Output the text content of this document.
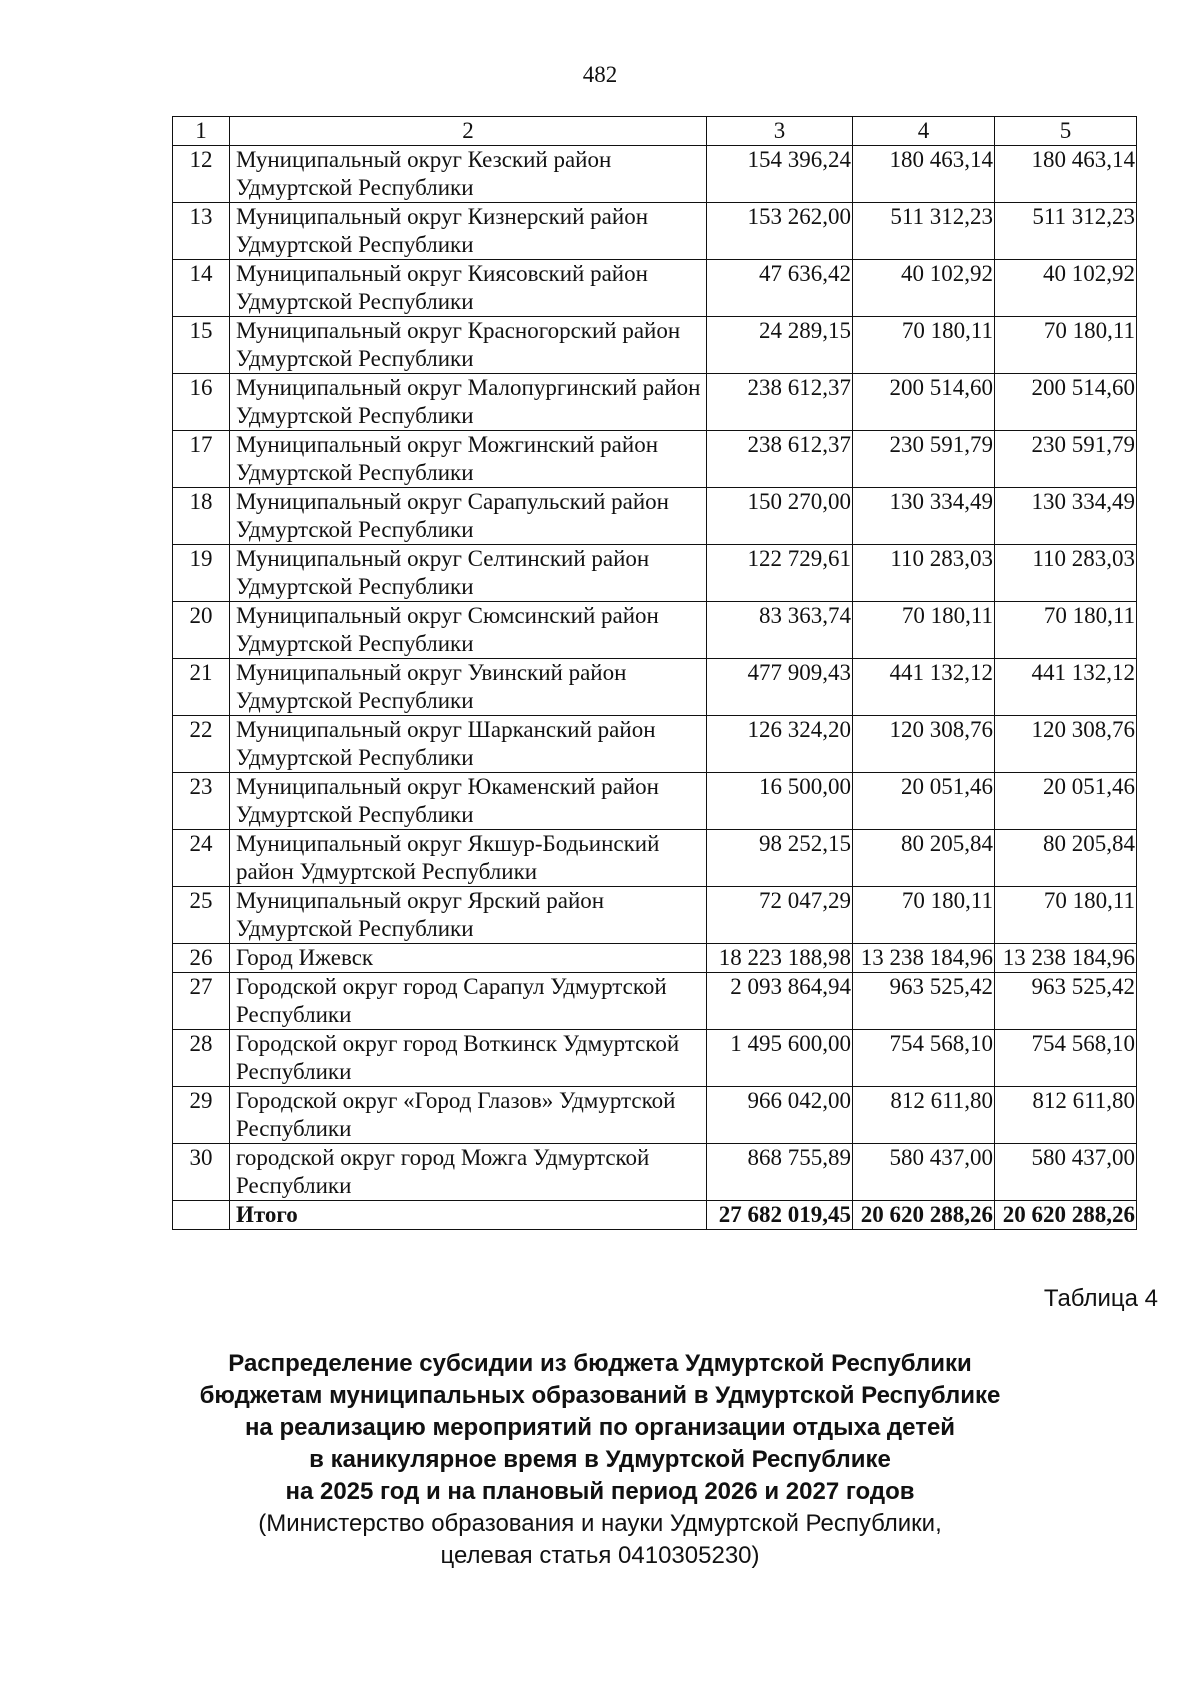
482
1	2	3	4	5
12	Муниципальный округ Кезский район Удмуртской Республики	154 396,24	180 463,14	180 463,14
13	Муниципальный округ Кизнерский район Удмуртской Республики	153 262,00	511 312,23	511 312,23
14	Муниципальный округ Киясовский район Удмуртской Республики	47 636,42	40 102,92	40 102,92
15	Муниципальный округ Красногорский район Удмуртской Республики	24 289,15	70 180,11	70 180,11
16	Муниципальный округ Малопургинский район Удмуртской Республики	238 612,37	200 514,60	200 514,60
17	Муниципальный округ Можгинский район Удмуртской Республики	238 612,37	230 591,79	230 591,79
18	Муниципальный округ Сарапульский район Удмуртской Республики	150 270,00	130 334,49	130 334,49
19	Муниципальный округ Селтинский район Удмуртской Республики	122 729,61	110 283,03	110 283,03
20	Муниципальный округ Сюмсинский район Удмуртской Республики	83 363,74	70 180,11	70 180,11
21	Муниципальный округ Увинский район Удмуртской Республики	477 909,43	441 132,12	441 132,12
22	Муниципальный округ Шарканский район Удмуртской Республики	126 324,20	120 308,76	120 308,76
23	Муниципальный округ Юкаменский район Удмуртской Республики	16 500,00	20 051,46	20 051,46
24	Муниципальный округ Якшур-Бодьинский район Удмуртской Республики	98 252,15	80 205,84	80 205,84
25	Муниципальный округ Ярский район Удмуртской Республики	72 047,29	70 180,11	70 180,11
26	Город Ижевск	18 223 188,98	13 238 184,96	13 238 184,96
27	Городской округ город Сарапул Удмуртской Республики	2 093 864,94	963 525,42	963 525,42
28	Городской округ город Воткинск Удмуртской Республики	1 495 600,00	754 568,10	754 568,10
29	Городской округ «Город Глазов» Удмуртской Республики	966 042,00	812 611,80	812 611,80
30	городской округ город Можга Удмуртской Республики	868 755,89	580 437,00	580 437,00
	Итого	27 682 019,45	20 620 288,26	20 620 288,26
Таблица 4
Распределение субсидии из бюджета Удмуртской Республики
бюджетам муниципальных образований в Удмуртской Республике
на реализацию мероприятий по организации отдыха детей
в каникулярное время в Удмуртской Республике
на 2025 год и на плановый период 2026 и 2027 годов
(Министерство образования и науки Удмуртской Республики,
целевая статья 0410305230)
